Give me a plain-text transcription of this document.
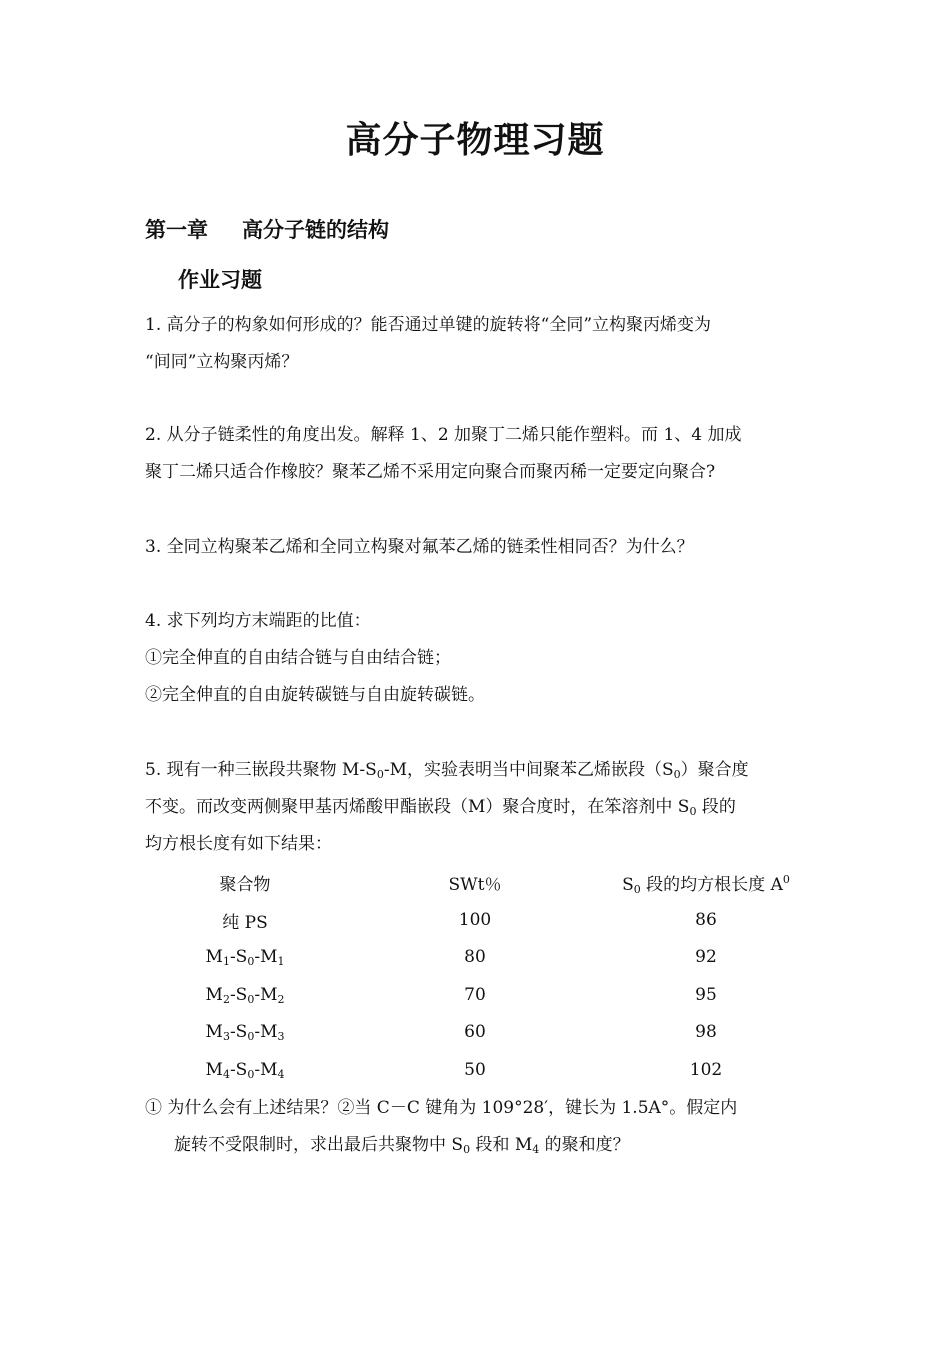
高分子物理习题
第一章 高分子链的结构
作业习题
1. 高分子的构象如何形成的？能否通过单键的旋转将“全同”立构聚丙烯变为
“间同”立构聚丙烯？
2. 从分子链柔性的角度出发。解释 1、2 加聚丁二烯只能作塑料。而 1、4 加成
聚丁二烯只适合作橡胶？聚苯乙烯不采用定向聚合而聚丙稀一定要定向聚合?
3. 全同立构聚苯乙烯和全同立构聚对氟苯乙烯的链柔性相同否？为什么？
4. 求下列均方末端距的比值：
①完全伸直的自由结合链与自由结合链；
②完全伸直的自由旋转碳链与自由旋转碳链。
5. 现有一种三嵌段共聚物 $M-S_0-M$，实验表明当中间聚苯乙烯嵌段$(S_0)$聚合度
不变。而改变两侧聚甲基丙烯酸甲酯嵌段（M）聚合度时，在笨溶剂中 $S_0$ 段的
均方根长度有如下结果：
聚合物	SWt％	$S_0$ 段的均方根长度 $A^0$
纯 PS	100	86
$M_1-S_0-M_1$	80	92
$M_2-S_0-M_2$	70	95
$M_3-S_0-M_3$	60	98
$M_4-S_0-M_4$	50	102
① 为什么会有上述结果？②当 C－C 键角为 109°28′，键长为 1.5A°。假定内
旋转不受限制时，求出最后共聚物中 $S_0$ 段和 $M_4$ 的聚和度？
